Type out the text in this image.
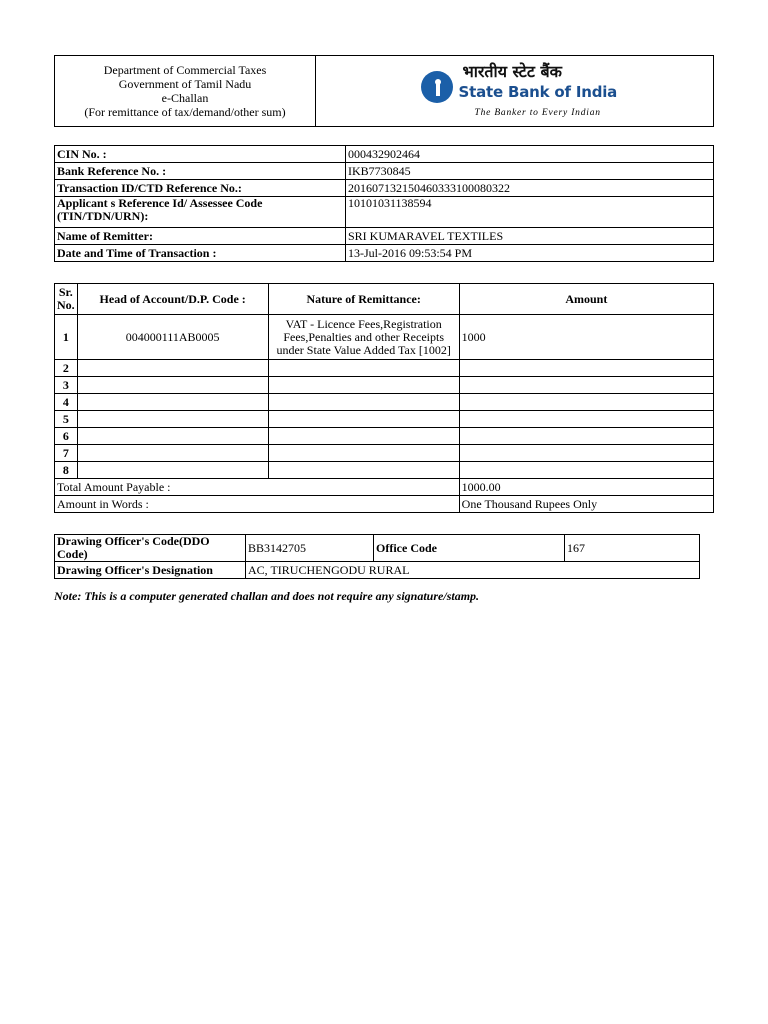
Department of Commercial Taxes
Government of Tamil Nadu
e-Challan
(For remittance of tax/demand/other sum)

भारतीय स्टेट बैंक
State Bank of India
The Banker to Every Indian
CIN No. :	000432902464
Bank Reference No. :	IKB7730845
Transaction ID/CTD Reference No.:	201607132150460333100080322
Applicant s Reference Id/ Assessee Code (TIN/TDN/URN):	10101031138594
Name of Remitter:	SRI KUMARAVEL TEXTILES
Date and Time of Transaction :	13-Jul-2016 09:53:54 PM
Sr. No.	Head of Account/D.P. Code :	Nature of Remittance:	Amount
1	004000111AB0005	VAT - Licence Fees,Registration Fees,Penalties and other Receipts under State Value Added Tax [1002]	1000
2			
3			
4			
5			
6			
7			
8			
Total Amount Payable :			1000.00
Amount in Words :			One Thousand Rupees Only
Drawing Officer's Code(DDO Code)	BB3142705	Office Code	167
Drawing Officer's Designation	AC, TIRUCHENGODU RURAL		
Note: This is a computer generated challan and does not require any signature/stamp.
